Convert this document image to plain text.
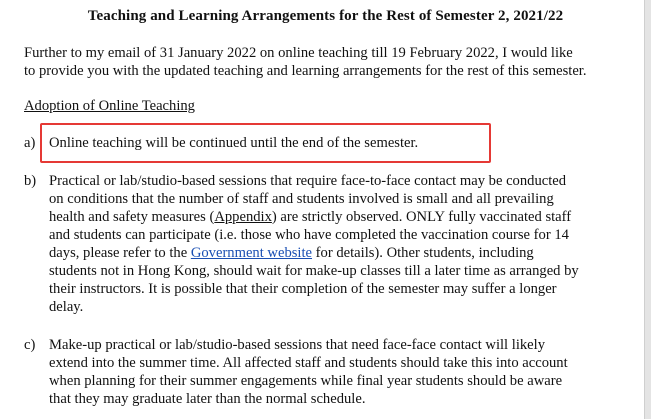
Teaching and Learning Arrangements for the Rest of Semester 2, 2021/22
Further to my email of 31 January 2022 on online teaching till 19 February 2022, I would like
to provide you with the updated teaching and learning arrangements for the rest of this semester.
Adoption of Online Teaching
a) Online teaching will be continued until the end of the semester.
b) Practical or lab/studio-based sessions that require face-to-face contact may be conducted
on conditions that the number of staff and students involved is small and all prevailing
health and safety measures (Appendix) are strictly observed. ONLY fully vaccinated staff
and students can participate (i.e. those who have completed the vaccination course for 14
days, please refer to the Government website for details). Other students, including
students not in Hong Kong, should wait for make-up classes till a later time as arranged by
their instructors. It is possible that their completion of the semester may suffer a longer
delay.
c) Make-up practical or lab/studio-based sessions that need face-face contact will likely
extend into the summer time. All affected staff and students should take this into account
when planning for their summer engagements while final year students should be aware
that they may graduate later than the normal schedule.
